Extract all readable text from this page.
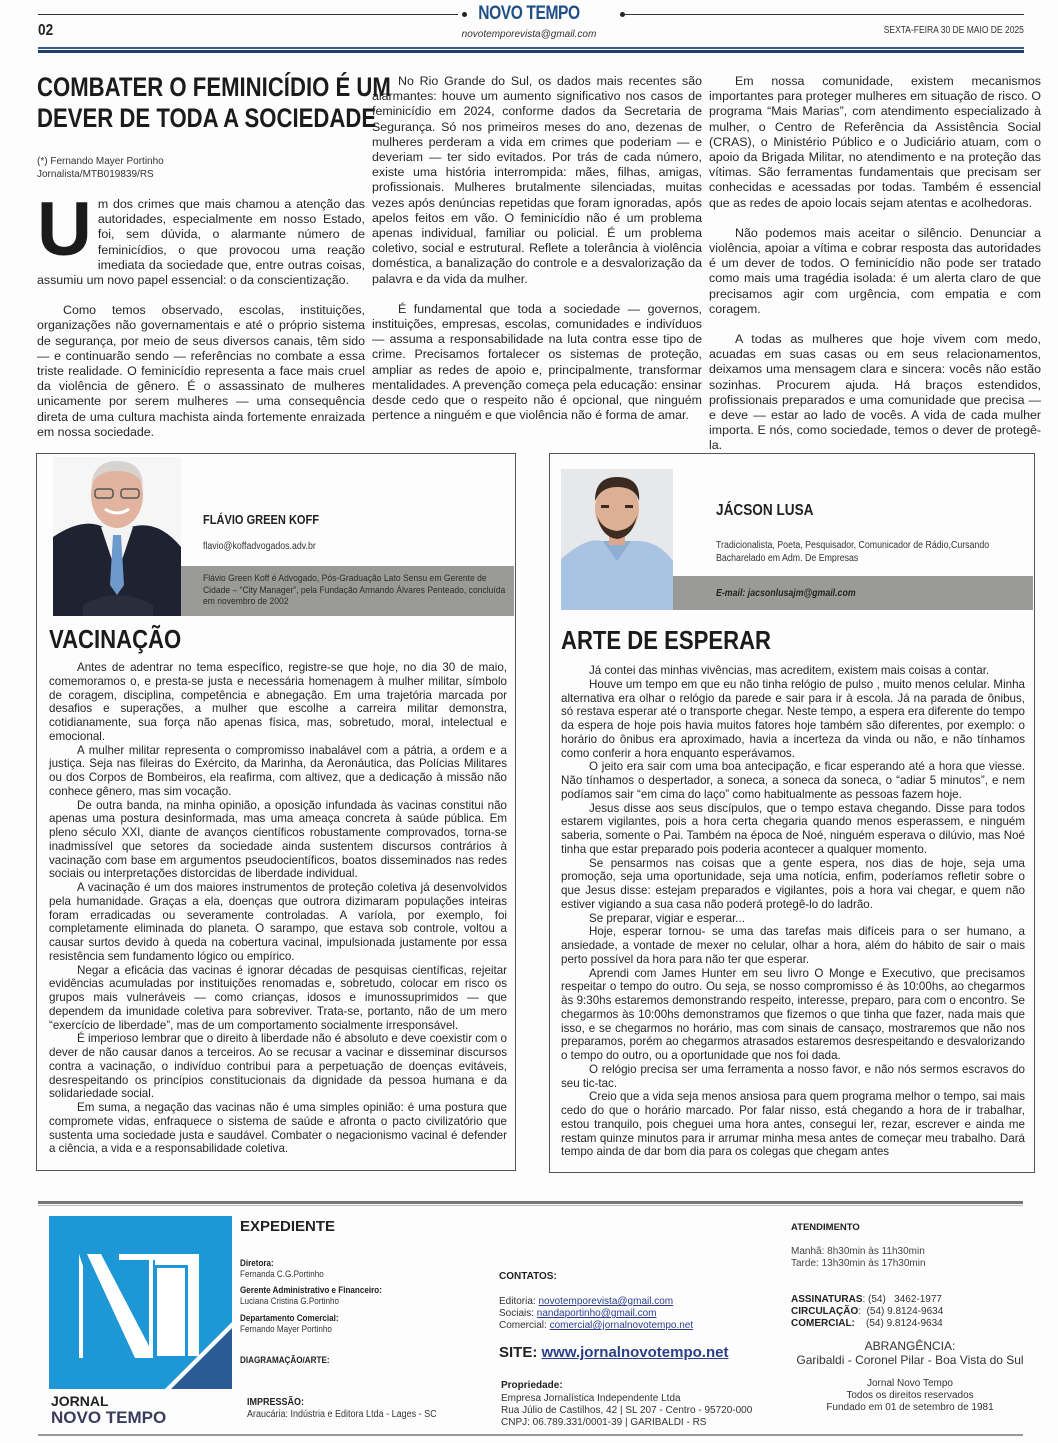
NOVO TEMPO
novotemporevista@gmail.com
02	SEXTA-FEIRA 30 DE MAIO DE 2025
COMBATER O FEMINICÍDIO É UM
DEVER DE TODA A SOCIEDADE
(*) Fernando Mayer Portinho
Jornalista/MTB019839/RS

Um dos crimes que mais chamou a atenção das autoridades, especialmente em nosso Estado, foi, sem dúvida, o alarmante número de feminicídios, o que provocou uma reação imediata da sociedade que, entre outras coisas, assumiu um novo papel essencial: o da conscientização.

Como temos observado, escolas, instituições, organizações não governamentais e até o próprio sistema de segurança, por meio de seus diversos canais, têm sido — e continuarão sendo — referências no combate a essa triste realidade. O feminicídio representa a face mais cruel da violência de gênero. É o assassinato de mulheres unicamente por serem mulheres — uma consequência direta de uma cultura machista ainda fortemente enraizada em nossa sociedade.

No Rio Grande do Sul, os dados mais recentes são alarmantes: houve um aumento significativo nos casos de feminicídio em 2024, conforme dados da Secretaria de Segurança. Só nos primeiros meses do ano, dezenas de mulheres perderam a vida em crimes que poderiam — e deveriam — ter sido evitados. Por trás de cada número, existe uma história interrompida: mães, filhas, amigas, profissionais. Mulheres brutalmente silenciadas, muitas vezes após denúncias repetidas que foram ignoradas, após apelos feitos em vão. O feminicídio não é um problema apenas individual, familiar ou policial. É um problema coletivo, social e estrutural. Reflete a tolerância à violência doméstica, a banalização do controle e a desvalorização da palavra e da vida da mulher.

É fundamental que toda a sociedade — governos, instituições, empresas, escolas, comunidades e indivíduos — assuma a responsabilidade na luta contra esse tipo de crime. Precisamos fortalecer os sistemas de proteção, ampliar as redes de apoio e, principalmente, transformar mentalidades. A prevenção começa pela educação: ensinar desde cedo que o respeito não é opcional, que ninguém pertence a ninguém e que violência não é forma de amar.

Em nossa comunidade, existem mecanismos importantes para proteger mulheres em situação de risco. O programa “Mais Marias”, com atendimento especializado à mulher, o Centro de Referência da Assistência Social (CRAS), o Ministério Público e o Judiciário atuam, com o apoio da Brigada Militar, no atendimento e na proteção das vítimas. São ferramentas fundamentais que precisam ser conhecidas e acessadas por todas. Também é essencial que as redes de apoio locais sejam atentas e acolhedoras.

Não podemos mais aceitar o silêncio. Denunciar a violência, apoiar a vítima e cobrar resposta das autoridades é um dever de todos. O feminicídio não pode ser tratado como mais uma tragédia isolada: é um alerta claro de que precisamos agir com urgência, com empatia e com coragem.

A todas as mulheres que hoje vivem com medo, acuadas em suas casas ou em seus relacionamentos, deixamos uma mensagem clara e sincera: vocês não estão sozinhas. Procurem ajuda. Há braços estendidos, profissionais preparados e uma comunidade que precisa — e deve — estar ao lado de vocês. A vida de cada mulher importa. E nós, como sociedade, temos o dever de protegê-la.

FLÁVIO GREEN KOFF
flavio@koffadvogados.adv.br
Flávio Green Koff é Advogado, Pós-Graduação Lato Sensu em Gerente de Cidade – “City Manager”, pela Fundação Armando Álvares Penteado, concluída em novembro de 2002
VACINAÇÃO

Antes de adentrar no tema específico, registre-se que hoje, no dia 30 de maio, comemoramos o, e presta-se justa e necessária homenagem à mulher militar, símbolo de coragem, disciplina, competência e abnegação. Em uma trajetória marcada por desafios e superações, a mulher que escolhe a carreira militar demonstra, cotidianamente, sua força não apenas física, mas, sobretudo, moral, intelectual e emocional.

A mulher militar representa o compromisso inabalável com a pátria, a ordem e a justiça. Seja nas fileiras do Exército, da Marinha, da Aeronáutica, das Polícias Militares ou dos Corpos de Bombeiros, ela reafirma, com altivez, que a dedicação à missão não conhece gênero, mas sim vocação.

De outra banda, na minha opinião, a oposição infundada às vacinas constitui não apenas uma postura desinformada, mas uma ameaça concreta à saúde pública. Em pleno século XXI, diante de avanços científicos robustamente comprovados, torna-se inadmissível que setores da sociedade ainda sustentem discursos contrários à vacinação com base em argumentos pseudocientíficos, boatos disseminados nas redes sociais ou interpretações distorcidas de liberdade individual.

A vacinação é um dos maiores instrumentos de proteção coletiva já desenvolvidos pela humanidade. Graças a ela, doenças que outrora dizimaram populações inteiras foram erradicadas ou severamente controladas. A varíola, por exemplo, foi completamente eliminada do planeta. O sarampo, que estava sob controle, voltou a causar surtos devido à queda na cobertura vacinal, impulsionada justamente por essa resistência sem fundamento lógico ou empírico.

Negar a eficácia das vacinas é ignorar décadas de pesquisas científicas, rejeitar evidências acumuladas por instituições renomadas e, sobretudo, colocar em risco os grupos mais vulneráveis — como crianças, idosos e imunossuprimidos — que dependem da imunidade coletiva para sobreviver. Trata-se, portanto, não de um mero “exercício de liberdade”, mas de um comportamento socialmente irresponsável.

É imperioso lembrar que o direito à liberdade não é absoluto e deve coexistir com o dever de não causar danos a terceiros. Ao se recusar a vacinar e disseminar discursos contra a vacinação, o indivíduo contribui para a perpetuação de doenças evitáveis, desrespeitando os princípios constitucionais da dignidade da pessoa humana e da solidariedade social.

Em suma, a negação das vacinas não é uma simples opinião: é uma postura que compromete vidas, enfraquece o sistema de saúde e afronta o pacto civilizatório que sustenta uma sociedade justa e saudável. Combater o negacionismo vacinal é defender a ciência, a vida e a responsabilidade coletiva.

JÁCSON LUSA
Tradicionalista, Poeta, Pesquisador, Comunicador de Rádio,Cursando Bacharelado em Adm. De Empresas
E-mail: jacsonlusajm@gmail.com
ARTE DE ESPERAR

Já contei das minhas vivências, mas acreditem, existem mais coisas a contar.

Houve um tempo em que eu não tinha relógio de pulso , muito menos celular. Minha alternativa era olhar o relógio da parede e sair para ir à escola. Já na parada de ônibus, só restava esperar até o transporte chegar. Neste tempo, a espera era diferente do tempo da espera de hoje pois havia muitos fatores hoje também são diferentes, por exemplo: o horário do ônibus era aproximado, havia a incerteza da vinda ou não, e não tínhamos como conferir a hora enquanto esperávamos.

O jeito era sair com uma boa antecipação, e ficar esperando até a hora que viesse. Não tínhamos o despertador, a soneca, a soneca da soneca, o “adiar 5 minutos”, e nem podíamos sair “em cima do laço” como habitualmente as pessoas fazem hoje.

Jesus disse aos seus discípulos, que o tempo estava chegando. Disse para todos estarem vigilantes, pois a hora certa chegaria quando menos esperassem, e ninguém saberia, somente o Pai. Também na época de Noé, ninguém esperava o dilúvio, mas Noé tinha que estar preparado pois poderia acontecer a qualquer momento.

Se pensarmos nas coisas que a gente espera, nos dias de hoje, seja uma promoção, seja uma oportunidade, seja uma notícia, enfim, poderíamos refletir sobre o que Jesus disse: estejam preparados e vigilantes, pois a hora vai chegar, e quem não estiver vigiando a sua casa não poderá protegê-lo do ladrão.

Se preparar, vigiar e esperar...

Hoje, esperar tornou- se uma das tarefas mais difíceis para o ser humano, a ansiedade, a vontade de mexer no celular, olhar a hora, além do hábito de sair o mais perto possível da hora para não ter que esperar.

Aprendi com James Hunter em seu livro O Monge e Executivo, que precisamos respeitar o tempo do outro. Ou seja, se nosso compromisso é às 10:00hs, ao chegarmos às 9:30hs estaremos demonstrando respeito, interesse, preparo, para com o encontro. Se chegarmos às 10:00hs demonstramos que fizemos o que tinha que fazer, nada mais que isso, e se chegarmos no horário, mas com sinais de cansaço, mostraremos que não nos preparamos, porém ao chegarmos atrasados estaremos desrespeitando e desvalorizando o tempo do outro, ou a oportunidade que nos foi dada.

O relógio precisa ser uma ferramenta a nosso favor, e não nós sermos escravos do seu tic-tac.

Creio que a vida seja menos ansiosa para quem programa melhor o tempo, sai mais cedo do que o horário marcado. Por falar nisso, está chegando a hora de ir trabalhar, estou tranquilo, pois cheguei uma hora antes, consegui ler, rezar, escrever e ainda me restam quinze minutos para ir arrumar minha mesa antes de começar meu trabalho. Dará tempo ainda de dar bom dia para os colegas que chegam antes

JORNAL
NOVO TEMPO
EXPEDIENTE
Diretora:
Fernanda C.G.Portinho
Gerente Administrativo e Financeiro:
Luciana Cristina G.Portinho
Departamento Comercial:
Fernando Mayer Portinho
DIAGRAMAÇÃO/ARTE:
IMPRESSÃO:
Araucária: Indústria e Editora Ltda - Lages - SC
CONTATOS:
Editoria: novotemporevista@gmail.com
Sociais: nandaportinho@gmail.com
Comercial: comercial@jornalnovotempo.net
SITE: www.jornalnovotempo.net
Propriedade:
Empresa Jornalística Independente Ltda
Rua Júlio de Castilhos, 42 | SL 207 - Centro - 95720-000
CNPJ: 06.789.331/0001-39 | GARIBALDI - RS
ATENDIMENTO
Manhã: 8h30min às 11h30min
Tarde: 13h30min às 17h30min
ASSINATURAS: (54)   3462-1977
CIRCULAÇÃO:  (54) 9.8124-9634
COMERCIAL:    (54) 9.8124-9634
ABRANGÊNCIA:
Garibaldi - Coronel Pilar - Boa Vista do Sul
Jornal Novo Tempo
Todos os direitos reservados
Fundado em 01 de setembro de 1981
